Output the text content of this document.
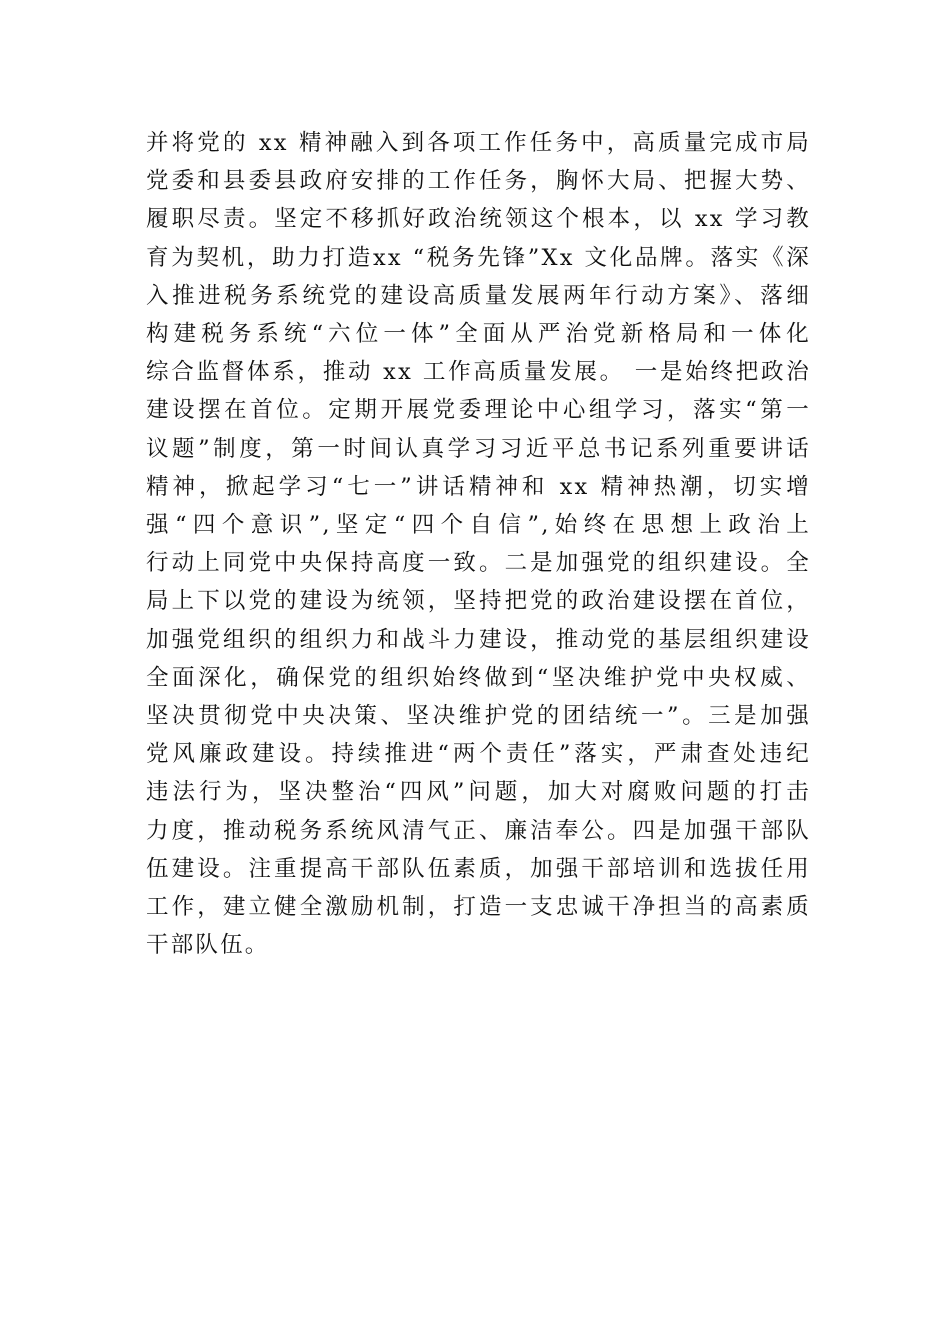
并将党的 xx 精神融入到各项工作任务中，高质量完成市局
党委和县委县政府安排的工作任务，胸怀大局、把握大势、
履职尽责。坚定不移抓好政治统领这个根本，以 xx 学习教
育为契机，助力打造xx “税务先锋”Xx 文化品牌。落实《深
入推进税务系统党的建设高质量发展两年行动方案》、落细
构建税务系统“六位一体”全面从严治党新格局和一体化
综合监督体系，推动 xx 工作高质量发展。 一是始终把政治
建设摆在首位。定期开展党委理论中心组学习，落实“第一
议题”制度，第一时间认真学习习近平总书记系列重要讲话
精神，掀起学习“七一”讲话精神和 xx 精神热潮，切实增
强“四个意识”,坚定“四个自信”,始终在思想上政治上
行动上同党中央保持高度一致。二是加强党的组织建设。全
局上下以党的建设为统领，坚持把党的政治建设摆在首位，
加强党组织的组织力和战斗力建设，推动党的基层组织建设
全面深化，确保党的组织始终做到“坚决维护党中央权威、
坚决贯彻党中央决策、坚决维护党的团结统一”。三是加强
党风廉政建设。持续推进“两个责任”落实，严肃查处违纪
违法行为，坚决整治“四风”问题，加大对腐败问题的打击
力度，推动税务系统风清气正、廉洁奉公。四是加强干部队
伍建设。注重提高干部队伍素质，加强干部培训和选拔任用
工作，建立健全激励机制，打造一支忠诚干净担当的高素质
干部队伍。
